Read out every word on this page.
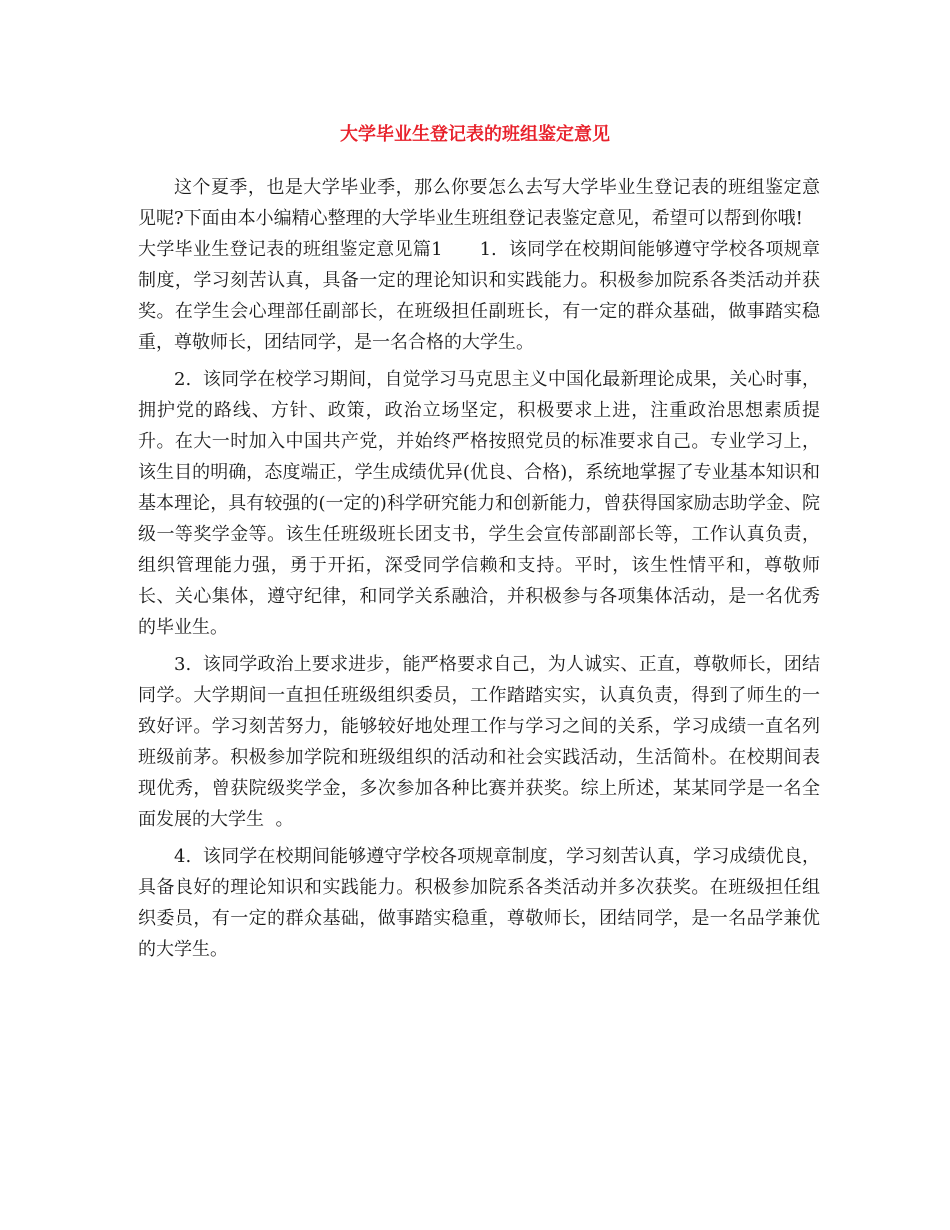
大学毕业生登记表的班组鉴定意见

这个夏季，也是大学毕业季，那么你要怎么去写大学毕业生登记表的班组鉴定意见呢?下面由本小编精心整理的大学毕业生班组登记表鉴定意见，希望可以帮到你哦!

大学毕业生登记表的班组鉴定意见篇1　　1.  该同学在校期间能够遵守学校各项规章制度，学习刻苦认真，具备一定的理论知识和实践能力。积极参加院系各类活动并获奖。在学生会心理部任副部长，在班级担任副班长，有一定的群众基础，做事踏实稳重，尊敬师长，团结同学，是一名合格的大学生。

2.  该同学在校学习期间，自觉学习马克思主义中国化最新理论成果，关心时事，拥护党的路线、方针、政策，政治立场坚定，积极要求上进，注重政治思想素质提升。在大一时加入中国共产党，并始终严格按照党员的标准要求自己。专业学习上，该生目的明确，态度端正，学生成绩优异(优良、合格)，系统地掌握了专业基本知识和基本理论，具有较强的(一定的)科学研究能力和创新能力，曾获得国家励志助学金、院级一等奖学金等。该生任班级班长团支书，学生会宣传部副部长等，工作认真负责，组织管理能力强，勇于开拓，深受同学信赖和支持。平时，该生性情平和，尊敬师长、关心集体，遵守纪律，和同学关系融洽，并积极参与各项集体活动，是一名优秀的毕业生。

3.  该同学政治上要求进步，能严格要求自己，为人诚实、正直，尊敬师长，团结同学。大学期间一直担任班级组织委员，工作踏踏实实，认真负责，得到了师生的一致好评。学习刻苦努力，能够较好地处理工作与学习之间的关系，学习成绩一直名列班级前茅。积极参加学院和班级组织的活动和社会实践活动，生活简朴。在校期间表现优秀，曾获院级奖学金，多次参加各种比赛并获奖。综上所述，某某同学是一名全面发展的大学生  。

4.  该同学在校期间能够遵守学校各项规章制度，学习刻苦认真，学习成绩优良，具备良好的理论知识和实践能力。积极参加院系各类活动并多次获奖。在班级担任组织委员，有一定的群众基础，做事踏实稳重，尊敬师长，团结同学，是一名品学兼优的大学生。
